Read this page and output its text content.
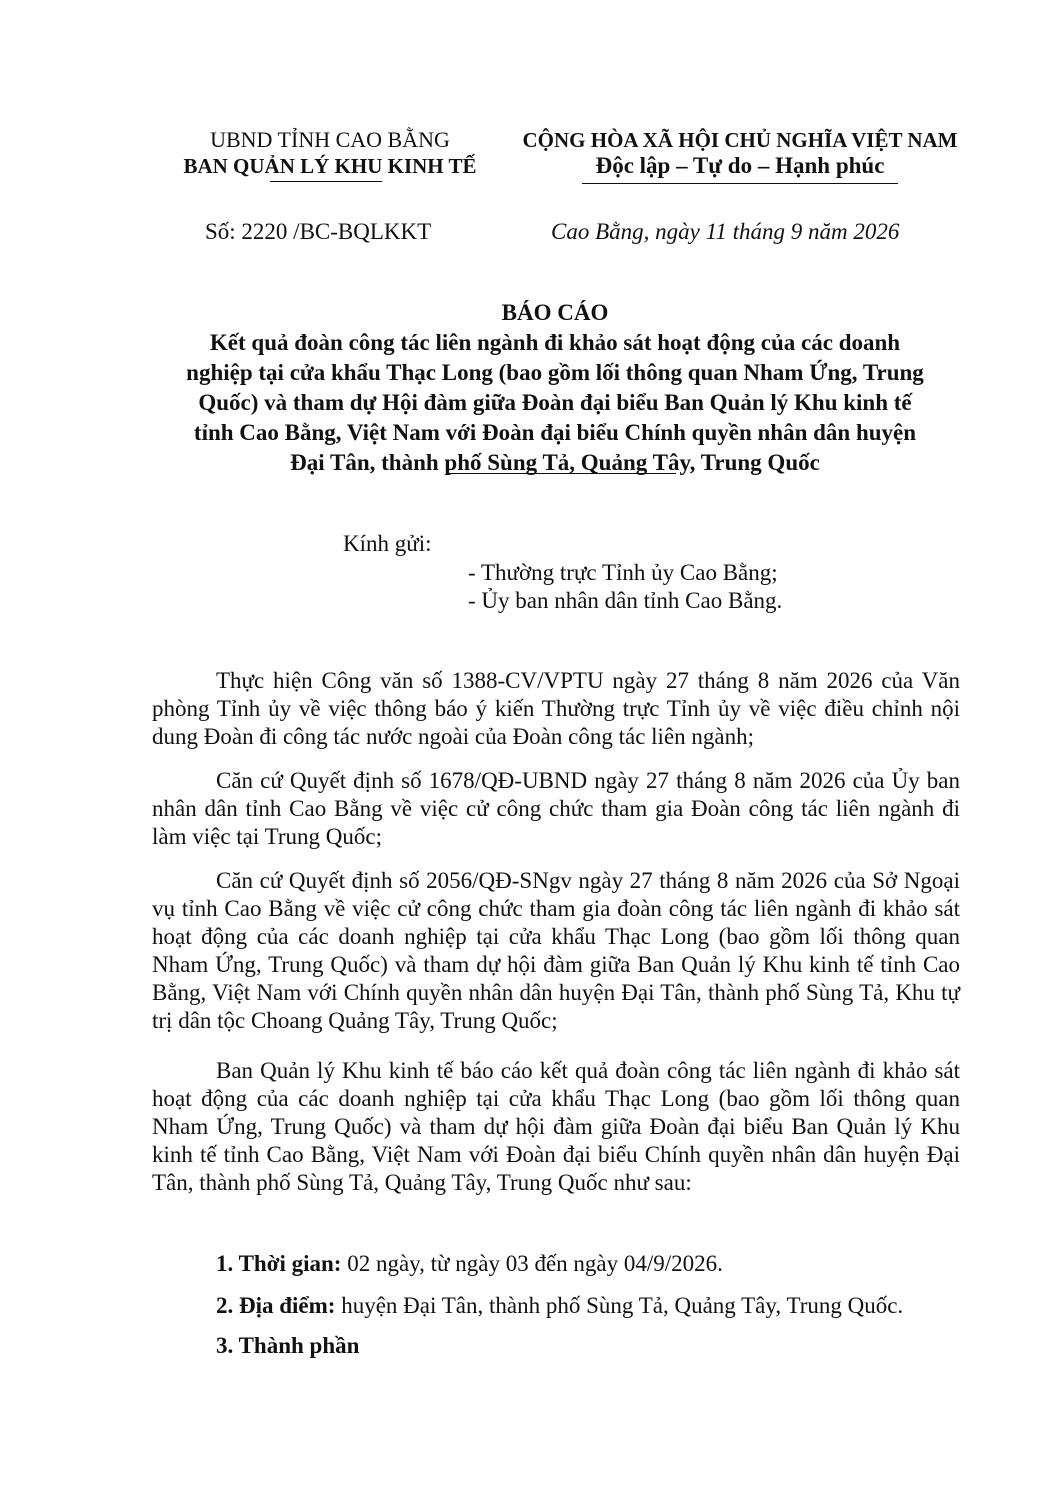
UBND TỈNH CAO BẰNG
BAN QUẢN LÝ KHU KINH TẾ
CỘNG HÒA XÃ HỘI CHỦ NGHĨA VIỆT NAM
Độc lập – Tự do – Hạnh phúc
Số: 2220 /BC-BQLKKT	Cao Bằng, ngày 11 tháng 9 năm 2026
BÁO CÁO
Kết quả đoàn công tác liên ngành đi khảo sát hoạt động của các doanh
nghiệp tại cửa khẩu Thạc Long (bao gồm lối thông quan Nham Ứng, Trung
Quốc) và tham dự Hội đàm giữa Đoàn đại biểu Ban Quản lý Khu kinh tế
tỉnh Cao Bằng, Việt Nam với Đoàn đại biểu Chính quyền nhân dân huyện
Đại Tân, thành phố Sùng Tả, Quảng Tây, Trung Quốc
Kính gửi:
- Thường trực Tỉnh ủy Cao Bằng;
- Ủy ban nhân dân tỉnh Cao Bằng.
Thực hiện Công văn số 1388-CV/VPTU ngày 27 tháng 8 năm 2026 của Văn phòng Tỉnh ủy về việc thông báo ý kiến Thường trực Tỉnh ủy về việc điều chỉnh nội dung Đoàn đi công tác nước ngoài của Đoàn công tác liên ngành;
Căn cứ Quyết định số 1678/QĐ-UBND ngày 27 tháng 8 năm 2026 của Ủy ban nhân dân tỉnh Cao Bằng về việc cử công chức tham gia Đoàn công tác liên ngành đi làm việc tại Trung Quốc;
Căn cứ Quyết định số 2056/QĐ-SNgv ngày 27 tháng 8 năm 2026 của Sở Ngoại vụ tỉnh Cao Bằng về việc cử công chức tham gia đoàn công tác liên ngành đi khảo sát hoạt động của các doanh nghiệp tại cửa khẩu Thạc Long (bao gồm lối thông quan Nham Ứng, Trung Quốc) và tham dự hội đàm giữa Ban Quản lý Khu kinh tế tỉnh Cao Bằng, Việt Nam với Chính quyền nhân dân huyện Đại Tân, thành phố Sùng Tả, Khu tự trị dân tộc Choang Quảng Tây, Trung Quốc;
Ban Quản lý Khu kinh tế báo cáo kết quả đoàn công tác liên ngành đi khảo sát hoạt động của các doanh nghiệp tại cửa khẩu Thạc Long (bao gồm lối thông quan Nham Ứng, Trung Quốc) và tham dự hội đàm giữa Đoàn đại biểu Ban Quản lý Khu kinh tế tỉnh Cao Bằng, Việt Nam với Đoàn đại biểu Chính quyền nhân dân huyện Đại Tân, thành phố Sùng Tả, Quảng Tây, Trung Quốc như sau:
1. Thời gian: 02 ngày, từ ngày 03 đến ngày 04/9/2026.
2. Địa điểm: huyện Đại Tân, thành phố Sùng Tả, Quảng Tây, Trung Quốc.
3. Thành phần
